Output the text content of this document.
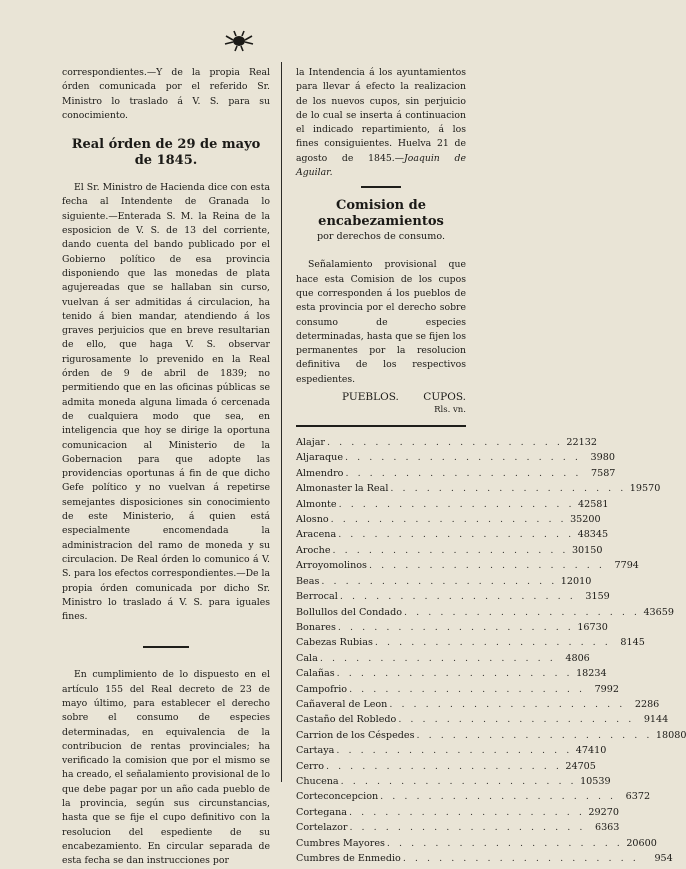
correspondientes.—Y de la propia Real órden comunicada por el referido Sr. Ministro lo traslado á V. S. para su conocimiento.

Real órden de 29 de mayo de 1845.

El Sr. Ministro de Hacienda dice con esta fecha al Intendente de Granada lo siguiente.—Enterada S. M. la Reina de la esposicion de V. S. de 13 del corriente, dando cuenta del bando publicado por el Gobierno político de esa provincia disponiendo que las monedas de plata agujereadas que se hallaban sin curso, vuelvan á ser admitidas á circulacion, ha tenido á bien mandar, atendiendo á los graves perjuicios que en breve resultarian de ello, que haga V. S. observar rigurosamente lo prevenido en la Real órden de 9 de abril de 1839; no permitiendo que en las oficinas públicas se admita moneda alguna limada ó cercenada de cualquiera modo que sea, en inteligencia que hoy se dirige la oportuna comunicacion al Ministerio de la Gobernacion para que adopte las providencias oportunas á fin de que dicho Gefe político y no vuelvan á repetirse semejantes disposiciones sin conocimiento de este Ministerio, á quien está especialmente encomendada la administracion del ramo de moneda y su circulacion. De Real órden lo comunico á V. S. para los efectos correspondientes.—De la propia órden comunicada por dicho Sr. Ministro lo traslado á V. S. para iguales fines.

En cumplimiento de lo dispuesto en el artículo 155 del Real decreto de 23 de mayo último, para establecer el derecho sobre el consumo de especies determinadas, en equivalencia de la contribucion de rentas provinciales; ha verificado la comision que por el mismo se ha creado, el señalamiento provisional de lo que debe pagar por un año cada pueblo de la provincia, según sus circunstancias, hasta que se fije el cupo definitivo con la resolucion del espediente de su encabezamiento. En circular separada de esta fecha se dan instrucciones por

la Intendencia á los ayuntamientos para llevar á efecto la realizacion de los nuevos cupos, sin perjuicio de lo cual se inserta á continuacion el indicado repartimiento, á los fines consiguientes. Huelva 21 de agosto de 1845.—Joaquin de Aguilar.

Comision de encabezamientos
por derechos de consumo.

Señalamiento provisional que hace esta Comision de los cupos que corresponden á los pueblos de esta provincia por el derecho sobre consumo de especies determinadas, hasta que se fijen los permanentes por la resolucion definitiva de los respectivos espedientes.

PUEBLOS. CUPOS.
Rls. vn.
Alajar . . . . . . . . . . . . . . . . . . . . 22132
Aljaraque . . . . . . . . . . . . . . . . . . . . 3980
Almendro . . . . . . . . . . . . . . . . . . . . 7587
Almonaster la Real . . . . . . . . . . . . . . . . . . . . 19570
Almonte . . . . . . . . . . . . . . . . . . . . 42581
Alosno . . . . . . . . . . . . . . . . . . . . 35200
Aracena . . . . . . . . . . . . . . . . . . . . 48345
Aroche . . . . . . . . . . . . . . . . . . . . 30150
Arroyomolinos . . . . . . . . . . . . . . . . . . . . 7794
Beas . . . . . . . . . . . . . . . . . . . . 12010
Berrocal . . . . . . . . . . . . . . . . . . . . 3159
Bollullos del Condado . . . . . . . . . . . . . . . . . . . . 43659
Bonares . . . . . . . . . . . . . . . . . . . . 16730
Cabezas Rubias . . . . . . . . . . . . . . . . . . . . 8145
Cala . . . . . . . . . . . . . . . . . . . . 4806
Calañas . . . . . . . . . . . . . . . . . . . . 18234
Campofrio . . . . . . . . . . . . . . . . . . . . 7992
Cañaveral de Leon . . . . . . . . . . . . . . . . . . . . 2286
Castaño del Robledo . . . . . . . . . . . . . . . . . . . . 9144
Carrion de los Céspedes . . . . . . . . . . . . . . . . . . . . 18080
Cartaya . . . . . . . . . . . . . . . . . . . . 47410
Cerro . . . . . . . . . . . . . . . . . . . . 24705
Chucena . . . . . . . . . . . . . . . . . . . . 10539
Corteconcepcion . . . . . . . . . . . . . . . . . . . . 6372
Cortegana . . . . . . . . . . . . . . . . . . . . 29270
Cortelazor . . . . . . . . . . . . . . . . . . . . 6363
Cumbres Mayores . . . . . . . . . . . . . . . . . . . . 20600
Cumbres de Enmedio . . . . . . . . . . . . . . . . . . . .	954
